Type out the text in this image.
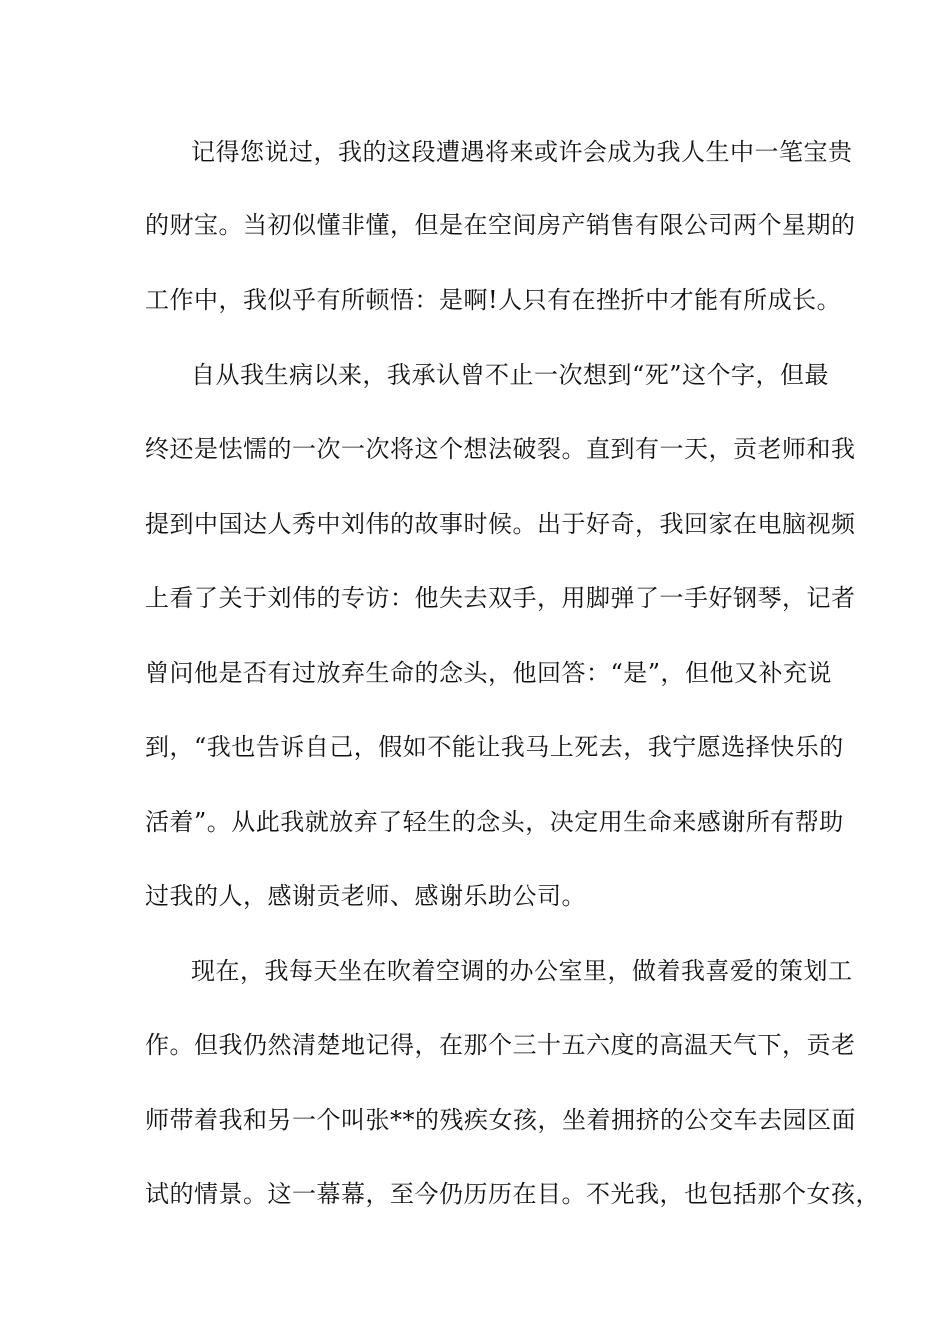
记得您说过，我的这段遭遇将来或许会成为我人生中一笔宝贵
的财宝。当初似懂非懂，但是在空间房产销售有限公司两个星期的
工作中，我似乎有所顿悟：是啊!人只有在挫折中才能有所成长。
自从我生病以来，我承认曾不止一次想到“死”这个字，但最
终还是怯懦的一次一次将这个想法破裂。直到有一天，贡老师和我
提到中国达人秀中刘伟的故事时候。出于好奇，我回家在电脑视频
上看了关于刘伟的专访：他失去双手，用脚弹了一手好钢琴，记者
曾问他是否有过放弃生命的念头，他回答：“是”，但他又补充说
到，“我也告诉自己，假如不能让我马上死去，我宁愿选择快乐的
活着”。从此我就放弃了轻生的念头，决定用生命来感谢所有帮助
过我的人，感谢贡老师、感谢乐助公司。
现在，我每天坐在吹着空调的办公室里，做着我喜爱的策划工
作。但我仍然清楚地记得，在那个三十五六度的高温天气下，贡老
师带着我和另一个叫张**的残疾女孩，坐着拥挤的公交车去园区面
试的情景。这一幕幕，至今仍历历在目。不光我，也包括那个女孩，
